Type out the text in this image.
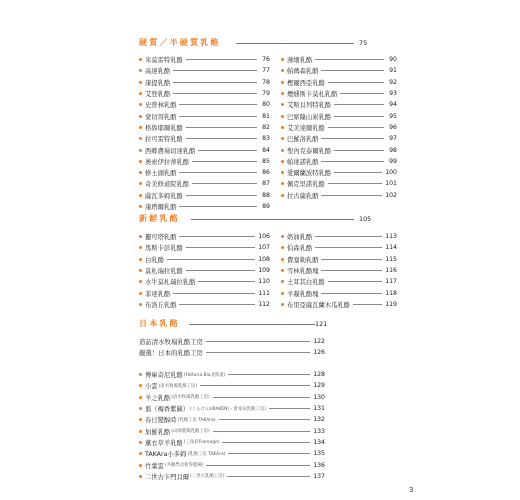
硬質／半硬質乳酪	75
米莫雷特乳酪	76
高達乳酪	77
康提乳酪	78
艾登乳酪	79
史普林乳酪	80
蒙切哥乳酪	81
格魯耶爾乳酪	82
拉可雷特乳酪	83
西鄉農場切達乳酪	84
奧索伊拉蒂乳酪	85
修士頭乳酪	86
奇美修道院乳酪	87
薩瓦多姆乳酪	88
康塔爾乳酪	89
薄細乳酪	90
帕瑪森乳酪	91
樫爾西亞乳酪	92
煙燻斯卡莫札乳酪	93
艾斯貝列特乳酪	94
巴席隆山炭乳酪	95
艾美達爾乳酪	96
巴羅洛乳酪	97
聖內克泰爾乳酪	98
帕達諾乳酪	99
愛爾蘭波特乳酪	100
佩克里諾乳酪	101
拉古薩乳酪	102
新鮮乳酪	105
麗可塔乳酪	106
馬斯卡彭乳酪	107
白乳酪	108
莫札瑞拉乳酪	109
水牛莫札瑞拉乳酪	110
菲達乳酪	111
布洛丘乳酪	112
奶油乳酪	113
伯森乳酪	114
費塞勒乳酪	115
雪林乳酪塊	116
土耳其白乳酪	117
羊凝乳酪塊	118
布里亞薩瓦蘭木瓜乳酪	119
日本乳酪	121
造訪清水牧場乳酪工房	122
嚴選！日本的乳酪工房	126
博庫奇尼乳酪 (Fattoria Bio北海道)	128
小雲 (清水牧場乳酪工房)	129
羊之乳酪 (清水牧場乳酪工房)	130
翦（梅香紫蘇） (くらけんURAKEN)・倉本田乳酪工房)	131
春日變醇時 (乳酪工房 TAKAra)	132
加羅乳酪 (山岡農場乳酪工房)	133
薰衣草羊乳酪 (三角岩Fromage)	134
TAKAra小多姆 (乳酪工房 TAKAra)	135
竹葉雲 (共動學舍新得農場)	136
二世古卡門貝爾 (二世古乳酪工房)	137
3
